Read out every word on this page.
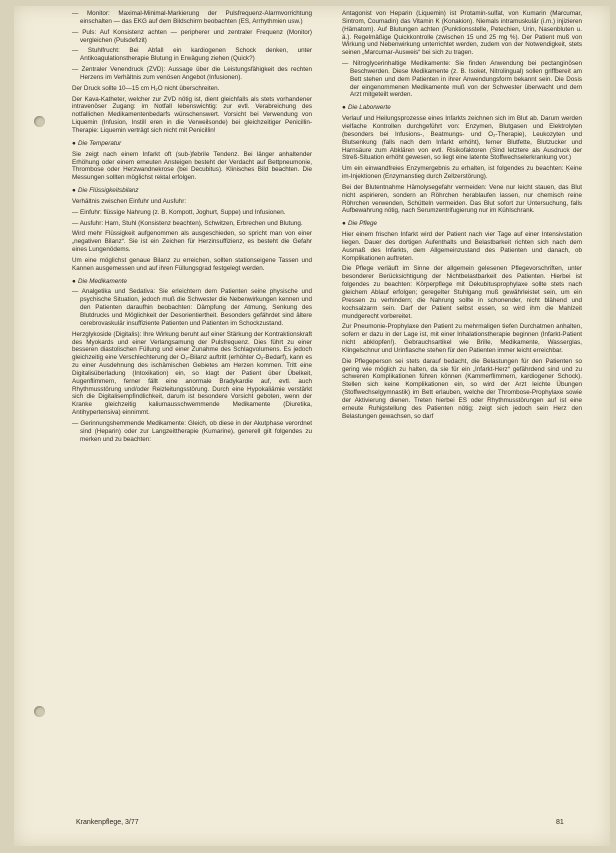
— Monitor: Maximal-Minimal-Markierung der Pulsfrequenz-Alarmvorrichtung einschalten — das EKG auf dem Bildschirm beobachten (ES, Arrhythmien usw.)
— Puls: Auf Konsistenz achten — peripherer und zentraler Frequenz (Monitor) vergleichen (Pulsdefizit)
— Stuhlfrucht: Bei Abfall ein kardiogenen Schock denken, unter Antikoagulationstherapie Blutung in Erwägung ziehen (Quick?)
— Zentraler Venendruck (ZVD): Aussage über die Leistungsfähigkeit des rechten Herzens im Verhältnis zum venösen Angebot (Infusionen).
Der Druck sollte 10—15 cm H₂O nicht überschreiten.
Der Kava-Katheter, welcher zur ZVD nötig ist, dient gleichfalls als stets vorhandener intravenöser Zugang: im Notfall lebenswichtig: zur evtl. Verabreichung des notfallichen Medikamentenbedarfs wünschenswert. Vorsicht bei Verwendung von Liquemin (Infusion, Instill eren in die Verweilsonde) bei gleichzeitiger Penicillin-Therapie: Liquemin verträgt sich nicht mit Penicillin!
● Die Temperatur
Sie zeigt nach einem Infarkt oft (sub-)febrile Tendenz. Bei länger anhaltender Erhöhung oder einem erneuten Ansteigen besteht der Verdacht auf Bettpneumonie, Thrombose oder Herzwandnekrose (bei Decubitus). Klinisches Bild beachten. Die Messungen sollten möglichst rektal erfolgen.
● Die Flüssigkeitsbilanz
Verhältnis zwischen Einfuhr und Ausfuhr:
— Einfuhr: flüssige Nahrung (z. B. Kompott, Joghurt, Suppe) und Infusionen.
— Ausfuhr: Harn, Stuhl (Konsistenz beachten), Schwitzen, Erbrechen und Blutung.
Wird mehr Flüssigkeit aufgenommen als ausgeschieden, so spricht man von einer „negativen Bilanz“. Sie ist ein Zeichen für Herzinsuffizienz, es besteht die Gefahr eines Lungenödems.
Um eine möglichst genaue Bilanz zu erreichen, sollten stationseigene Tassen und Kannen ausgemessen und auf ihren Füllungsgrad festgelegt werden.
● Die Medikamente
— Analgetika und Sedativa: Sie erleichtern dem Patienten seine physische und psychische Situation, jedoch muß die Schwester die Nebenwirkungen kennen und den Patienten daraufhin beobachten: Dämpfung der Atmung, Senkung des Blutdrucks und Möglichkeit der Desorientiertheit. Besonders gefährdet sind ältere cerebrovaskulär insuffiziente Patienten und Patienten im Schockzustand.
Herzglykoside (Digitalis): Ihre Wirkung beruht auf einer Stärkung der Kontraktionskraft des Myokards und einer Verlangsamung der Pulsfrequenz. Dies führt zu einer besseren diastolischen Füllung und einer Zunahme des Schlagvolumens. Es jedoch gleichzeitig eine Verschlechterung der O₂-Bilanz auftritt (erhöhter O₂-Bedarf), kann es zu einer Ausdehnung des ischämischen Gebietes am Herzen kommen. Tritt eine Digitalisüberladung (Intoxikation) ein, so klagt der Patient über Übelkeit, Augenflimmern, ferner fällt eine anormale Bradykardie auf, evtl. auch Rhythmusstörung und/oder Reizleitungsstörung. Durch eine Hypokaliämie verstärkt sich die Digitalisempfindlichkeit, darum ist besondere Vorsicht geboten, wenn der Kranke gleichzeitig kaliumausschwemmende Medikamente (Diuretika, Antihypertensiva) einnimmt.
— Gerinnungshemmende Medikamente: Gleich, ob diese in der Akutphase verordnet sind (Heparin) oder zur Langzeittherapie (Kumarine), generell gilt folgendes zu merken und zu beachten:
Antagonist von Heparin (Liquemin) ist Protamin-sulfat, von Kumarin (Marcumar, Sintrom, Coumadin) das Vitamin K (Konakion). Niemals intramuskulär (i.m.) injizieren (Hämatom). Auf Blutungen achten (Punktionsstelle, Petechien, Urin, Nasenbluten u. ä.). Regelmäßige Quickkontrolle (zwischen 15 und 25 mg %). Der Patient muß von Wirkung und Nebenwirkung unterrichtet werden, zudem von der Notwendigkeit, stets seinen „Marcumar-Ausweis“ bei sich zu tragen.
— Nitroglycerinhaltige Medikamente: Sie finden Anwendung bei pectanginösen Beschwerden. Diese Medikamente (z. B. Isoket, Nitrolingual) sollen griffbereit am Bett stehen und dem Patienten in ihrer Anwendungsform bekannt sein. Die Dosis der eingenommenen Medikamente muß von der Schwester überwacht und dem Arzt mitgeteilt werden.
● Die Laborwerte
Verlauf und Heilungsprozesse eines Infarkts zeichnen sich im Blut ab. Darum werden vielfache Kontrollen durchgeführt von: Enzymen, Blutgasen und Elektrolyten (besonders bei Infusions-, Beatmungs- und O₂-Therapie), Leukozyten und Blutsenkung (falls nach dem Infarkt erhöht), ferner Blutfette, Blutzucker und Harnsäure zum Abklären von evtl. Risikofaktoren (Sind letztere als Ausdruck der Streß-Situation erhöht gewesen, so liegt eine latente Stoffwechselerkrankung vor.)
Um ein einwandfreies Enzymergebnis zu erhalten, ist folgendes zu beachten: Keine im-Injektionen (Enzymanstieg durch Zellzerstörung).
Bei der Blutentnahme Hämolysegefahr vermeiden: Vene nur leicht stauen, das Blut nicht aspirieren, sondern an Röhrchen herablaufen lassen, nur chemisch reine Röhrchen verwenden, Schütteln vermeiden. Das Blut sofort zur Untersuchung, falls Aufbewahrung nötig, nach Serumzentrifugierung nur im Kühlschrank.
● Die Pflege
Hier einem frischen Infarkt wird der Patient nach vier Tage auf einer Intensivstation liegen. Dauer des dortigen Aufenthalts und Belastbarkeit richten sich nach dem Ausmaß des Infarkts, dem Allgemeinzustand des Patienten und danach, ob Komplikationen auftreten.
Die Pflege verläuft im Sinne der allgemein gelesenen Pflegevorschriften, unter besonderer Berücksichtigung der Nichtbelastbarkeit des Patienten. Hierbei ist folgendes zu beachten: Körperpflege mit Dekubitusprophylaxe sollte stets nach gleichem Ablauf erfolgen; geregelter Stuhlgang muß gewährleistet sein, um ein Pressen zu verhindern; die Nahrung sollte in schonender, nicht blähend und kochsalzarm sein. Darf der Patient selbst essen, so wird ihm die Mahlzeit mundgerecht vorbereitet.
Zur Pneumonie-Prophylaxe den Patient zu mehrmaligen tiefen Durchatmen anhalten, sofern er dazu in der Lage ist, mit einer Inhalationstherapie beginnen (Infarkt-Patient nicht abklopfen!). Gebrauchsartikel wie Brille, Medikamente, Wasserglas, Klingelschnur und Urinflasche stehen für den Patienten immer leicht erreichbar.
Die Pflegeperson sei stets darauf bedacht, die Belastungen für den Patienten so gering wie möglich zu halten, da sie für ein „Infarkt-Herz“ gefährdend sind und zu schweren Komplikationen führen können (Kammerflimmern, kardiogener Schock). Stellen sich keine Komplikationen ein, so wird der Arzt leichte Übungen (Stoffwechselgymnastik) im Bett erlauben, welche der Thrombose-Prophylaxe sowie der Aktivierung dienen. Treten hierbei ES oder Rhythmusstörungen auf ist eine erneute Ruhigstellung des Patienten nötig; zeigt sich jedoch sein Herz den Belastungen gewachsen, so darf
Krankenpflege, 3/77	81
